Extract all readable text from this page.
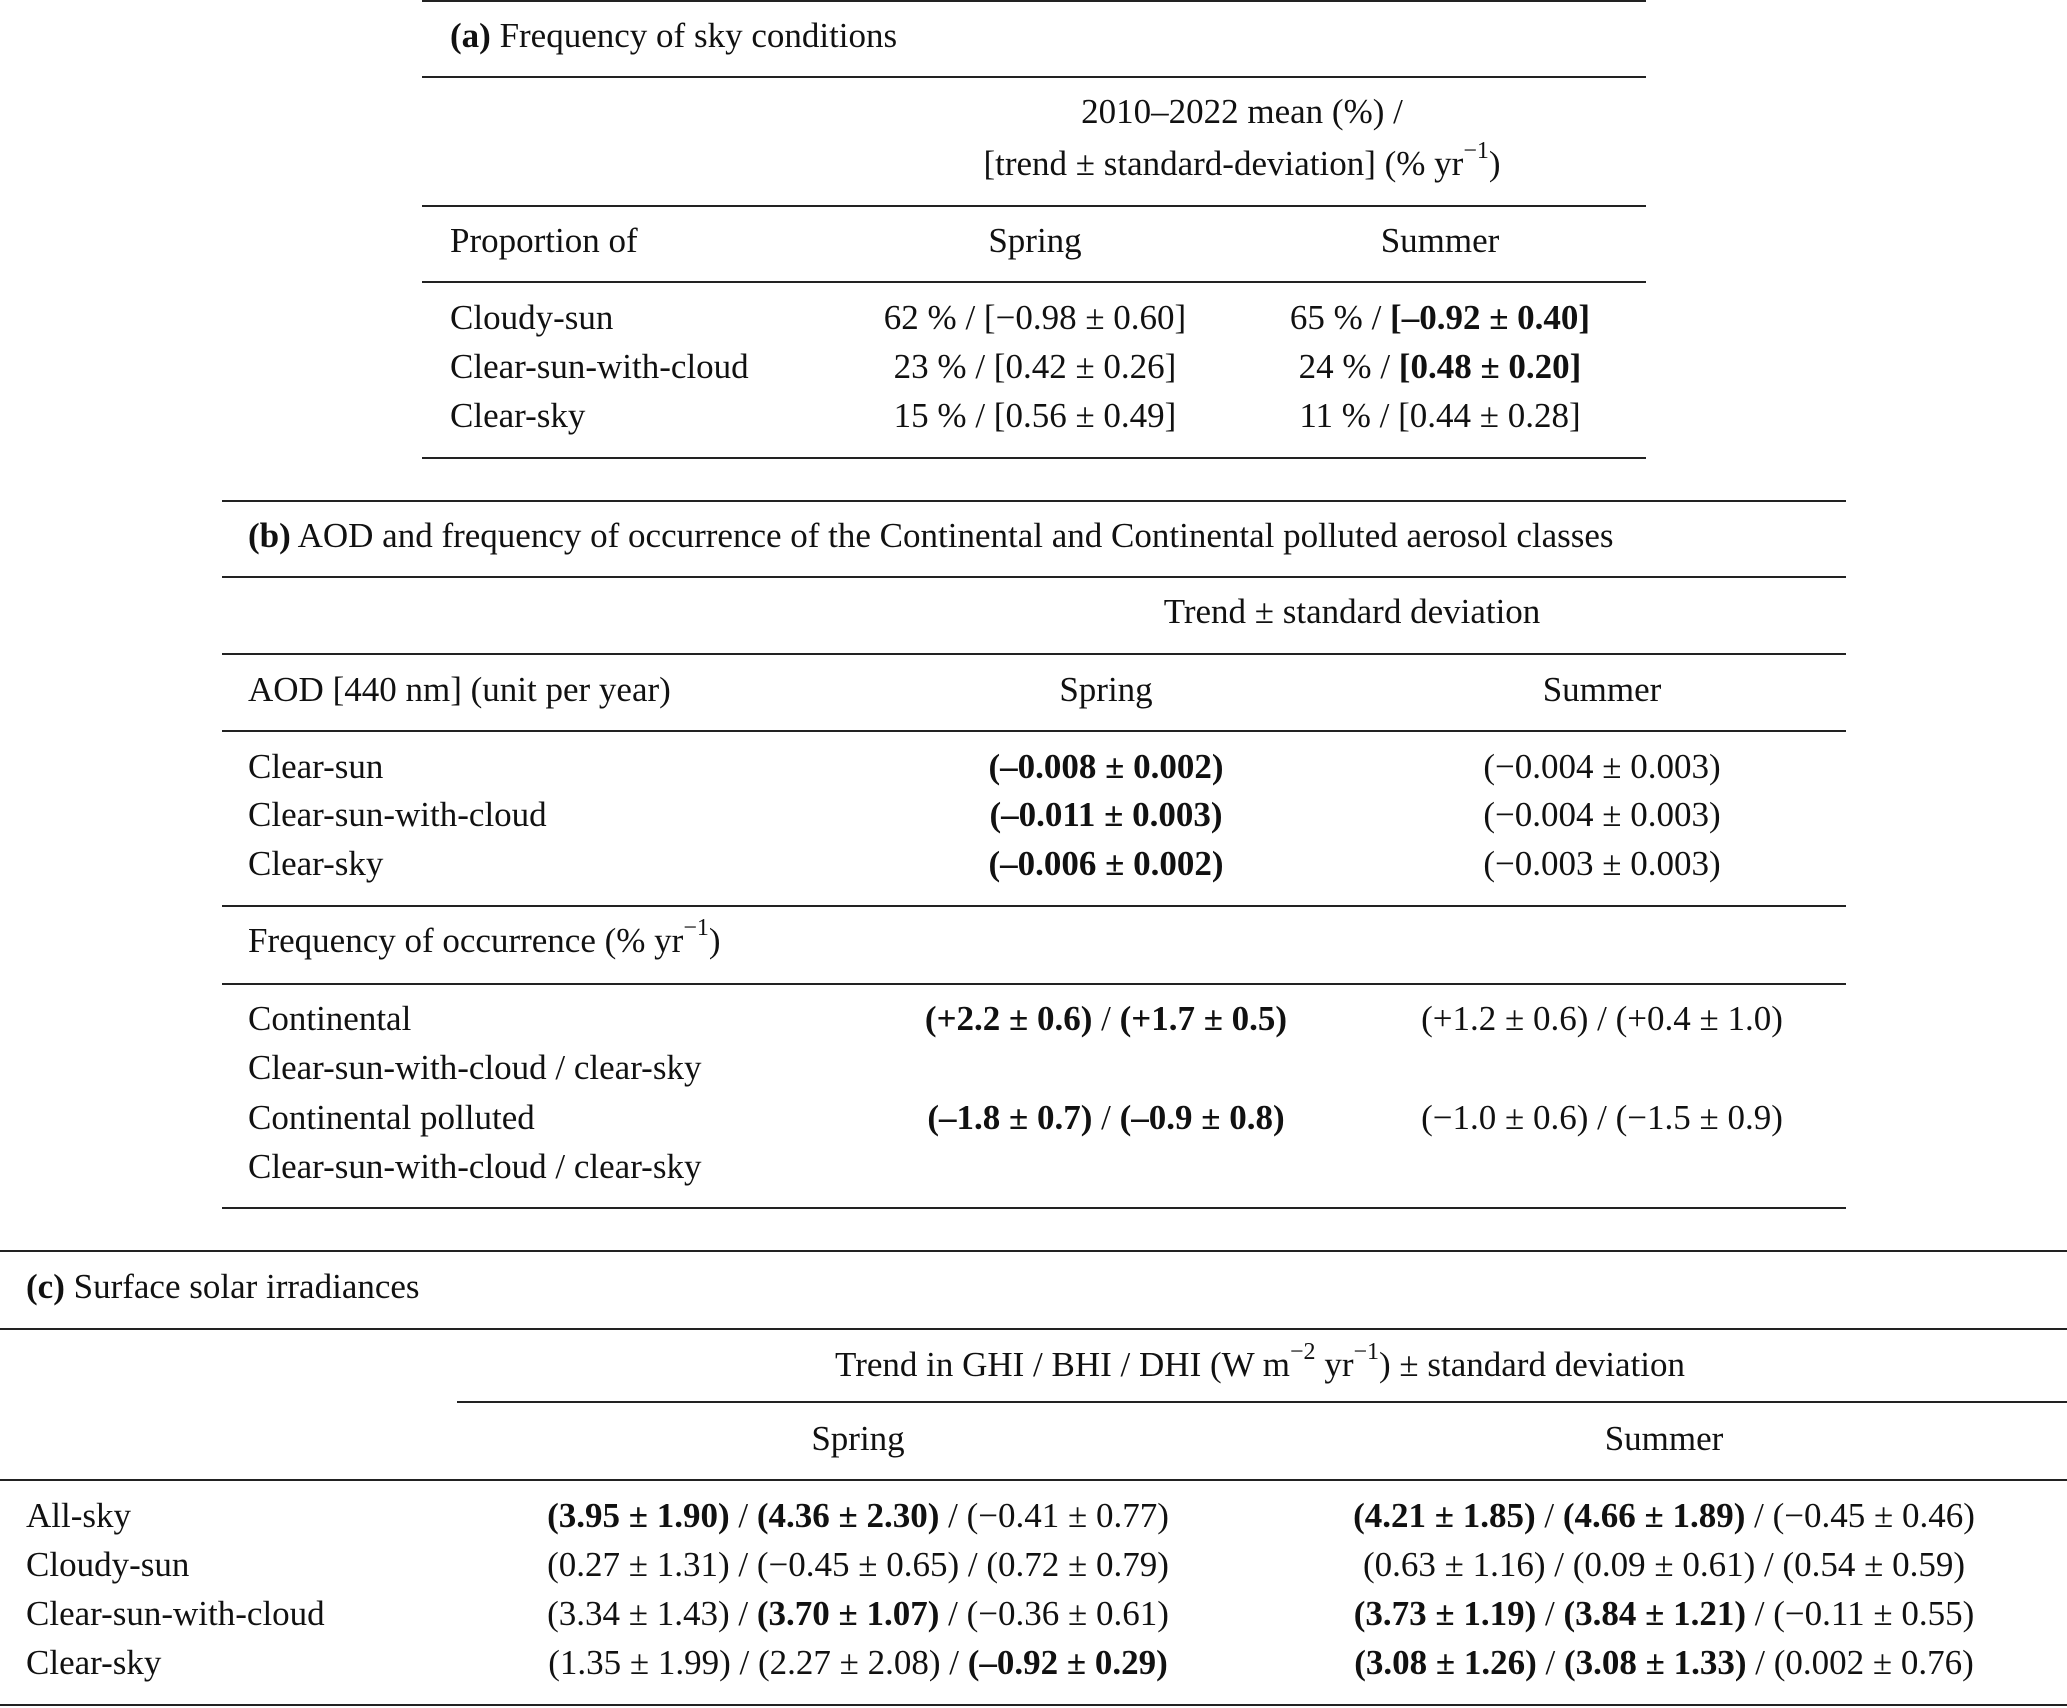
(a) Frequency of sky conditions
2010–2022 mean (%) /
[trend ± standard-deviation] (% $yr^{-1}$)
Proportion of	Spring	Summer
Cloudy-sun	62 % / [−0.98 ± 0.60]	65 % / [–0.92 ± 0.40]
Clear-sun-with-cloud	23 % / [0.42 ± 0.26]	24 % / [0.48 ± 0.20]
Clear-sky	15 % / [0.56 ± 0.49]	11 % / [0.44 ± 0.28]
(b) AOD and frequency of occurrence of the Continental and Continental polluted aerosol classes
Trend ± standard deviation
AOD [440 nm] (unit per year)	Spring	Summer
Clear-sun	(–0.008 ± 0.002)	(−0.004 ± 0.003)
Clear-sun-with-cloud	(–0.011 ± 0.003)	(−0.004 ± 0.003)
Clear-sky	(–0.006 ± 0.002)	(−0.003 ± 0.003)
Frequency of occurrence (% $yr^{-1}$)
Continental
Clear-sun-with-cloud / clear-sky
(+2.2 ± 0.6) / (+1.7 ± 0.5)	(+1.2 ± 0.6) / (+0.4 ± 1.0)
Continental polluted
Clear-sun-with-cloud / clear-sky
(–1.8 ± 0.7) / (–0.9 ± 0.8)	(−1.0 ± 0.6) / (−1.5 ± 0.9)
(c) Surface solar irradiances
Trend in GHI / BHI / DHI (W $m^{-2}$ $yr^{-1}$) ± standard deviation
Spring	Summer
All-sky	(3.95 ± 1.90) / (4.36 ± 2.30) / (−0.41 ± 0.77)	(4.21 ± 1.85) / (4.66 ± 1.89) / (−0.45 ± 0.46)
Cloudy-sun	(0.27 ± 1.31) / (−0.45 ± 0.65) / (0.72 ± 0.79)	(0.63 ± 1.16) / (0.09 ± 0.61) / (0.54 ± 0.59)
Clear-sun-with-cloud	(3.34 ± 1.43) / (3.70 ± 1.07) / (−0.36 ± 0.61)	(3.73 ± 1.19) / (3.84 ± 1.21) / (−0.11 ± 0.55)
Clear-sky	(1.35 ± 1.99) / (2.27 ± 2.08) / (–0.92 ± 0.29)	(3.08 ± 1.26) / (3.08 ± 1.33) / (0.002 ± 0.76)
